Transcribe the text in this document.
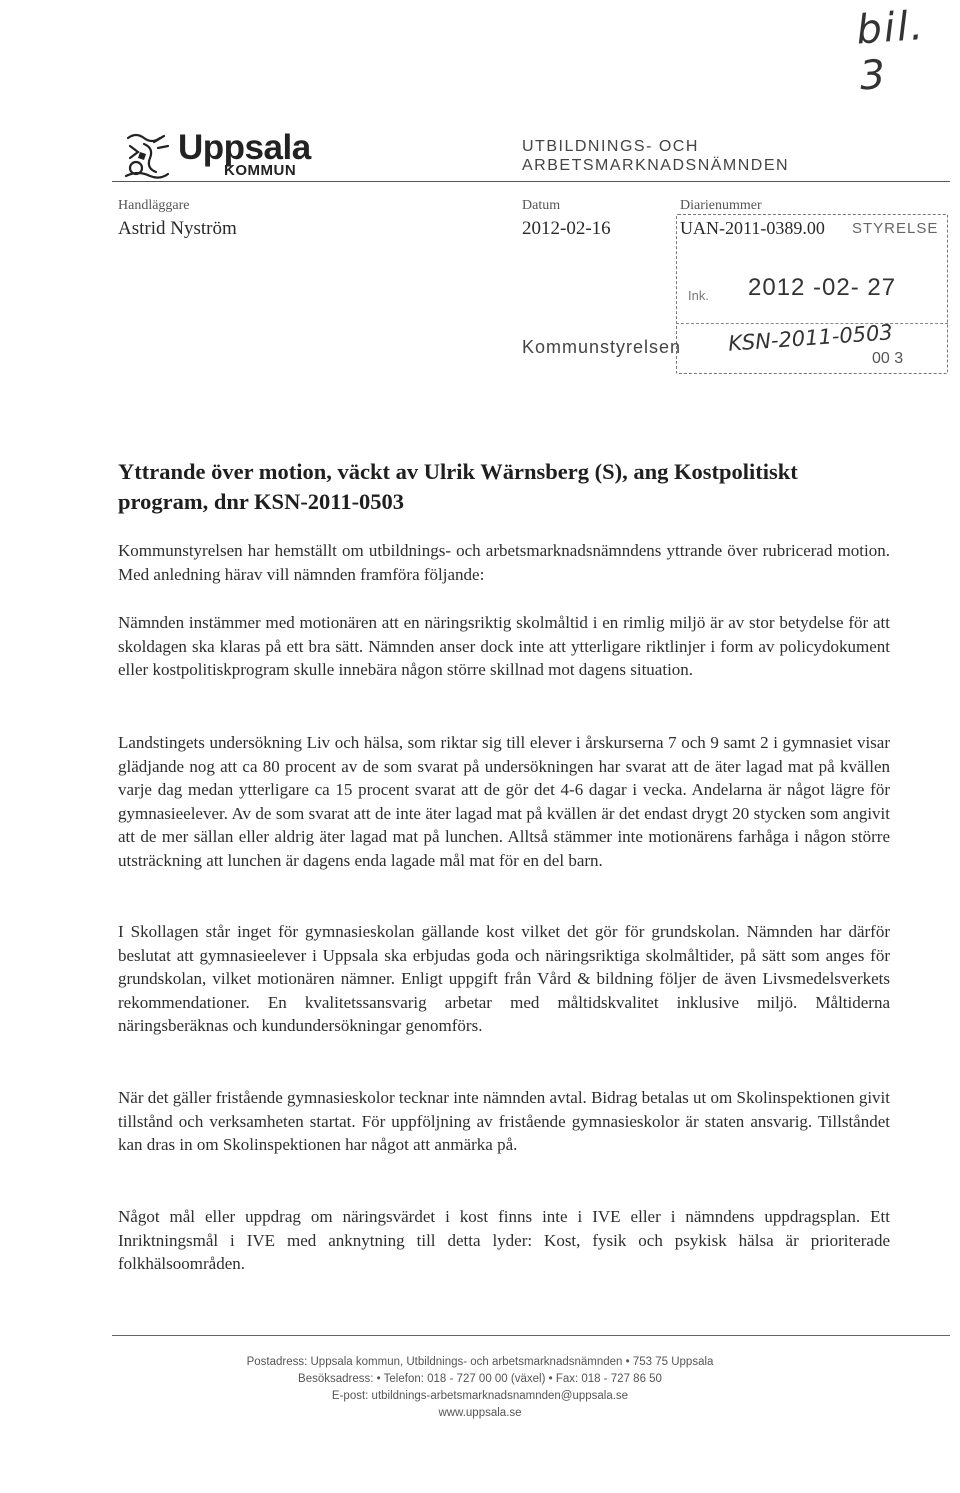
bil. 3
Uppsala
KOMMUN
UTBILDNINGS- OCH
ARBETSMARKNADSNÄMNDEN
Handläggare
Astrid Nyström
Datum
2012-02-16
Diarienummer
UAN-2011-0389.00 STYRELSE
Ink. 2012 -02- 27
KSN-2011-0503
00 3
Kommunstyrelsen
Yttrande över motion, väckt av Ulrik Wärnsberg (S), ang Kostpolitiskt
program, dnr KSN-2011-0503
Kommunstyrelsen har hemställt om utbildnings- och arbetsmarknadsnämndens yttrande över rubricerad motion. Med anledning härav vill nämnden framföra följande:
Nämnden instämmer med motionären att en näringsriktig skolmåltid i en rimlig miljö är av stor betydelse för att skoldagen ska klaras på ett bra sätt. Nämnden anser dock inte att ytterligare riktlinjer i form av policydokument eller kostpolitiskprogram skulle innebära någon större skillnad mot dagens situation.
Landstingets undersökning Liv och hälsa, som riktar sig till elever i årskurserna 7 och 9 samt 2 i gymnasiet visar glädjande nog att ca 80 procent av de som svarat på undersökningen har svarat att de äter lagad mat på kvällen varje dag medan ytterligare ca 15 procent svarat att de gör det 4-6 dagar i vecka. Andelarna är något lägre för gymnasieelever. Av de som svarat att de inte äter lagad mat på kvällen är det endast drygt 20 stycken som angivit att de mer sällan eller aldrig äter lagad mat på lunchen. Alltså stämmer inte motionärens farhåga i någon större utsträckning att lunchen är dagens enda lagade mål mat för en del barn.
I Skollagen står inget för gymnasieskolan gällande kost vilket det gör för grundskolan. Nämnden har därför beslutat att gymnasieelever i Uppsala ska erbjudas goda och näringsriktiga skolmåltider, på sätt som anges för grundskolan, vilket motionären nämner. Enligt uppgift från Vård & bildning följer de även Livsmedelsverkets rekommendationer. En kvalitetssansvarig arbetar med måltidskvalitet inklusive miljö. Måltiderna näringsberäknas och kundundersökningar genomförs.
När det gäller fristående gymnasieskolor tecknar inte nämnden avtal. Bidrag betalas ut om Skolinspektionen givit tillstånd och verksamheten startat. För uppföljning av fristående gymnasieskolor är staten ansvarig. Tillståndet kan dras in om Skolinspektionen har något att anmärka på.
Något mål eller uppdrag om näringsvärdet i kost finns inte i IVE eller i nämndens uppdragsplan. Ett Inriktningsmål i IVE med anknytning till detta lyder: Kost, fysik och psykisk hälsa är prioriterade folkhälsoområden.
Postadress: Uppsala kommun, Utbildnings- och arbetsmarknadsnämnden • 753 75 Uppsala
Besöksadress: • Telefon: 018 - 727 00 00 (växel) • Fax: 018 - 727 86 50
E-post: utbildnings-arbetsmarknadsnamnden@uppsala.se
www.uppsala.se
